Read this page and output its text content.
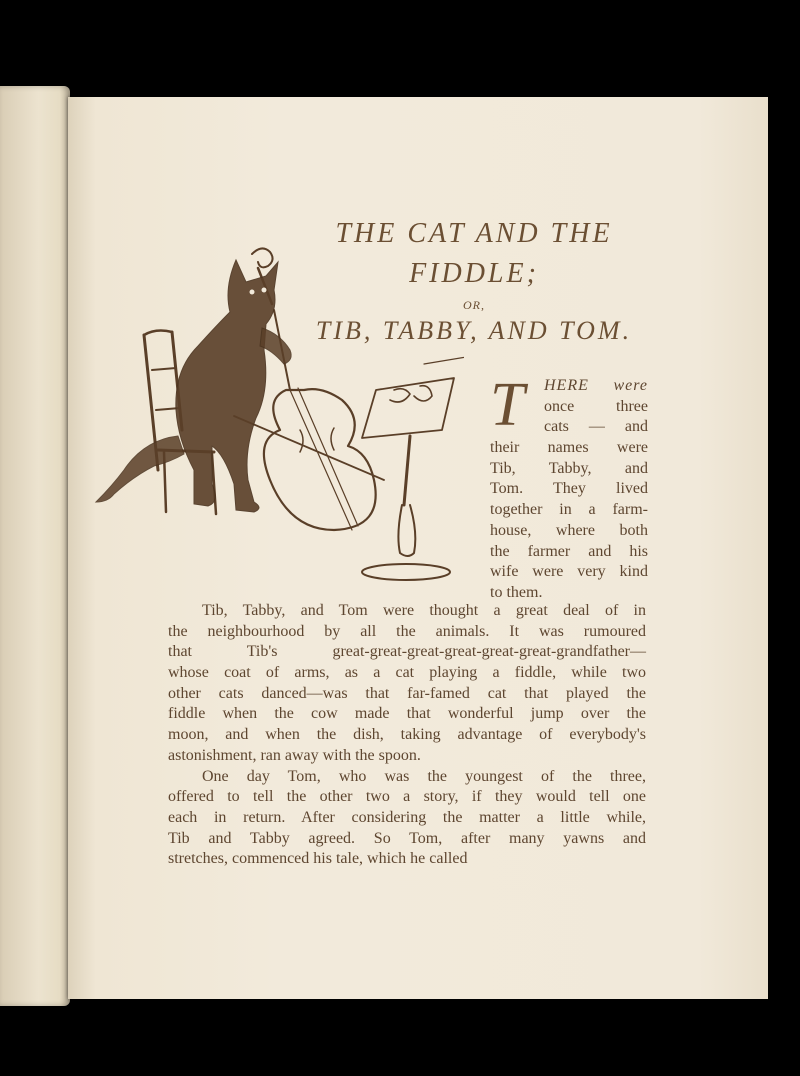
THE CAT AND THE
FIDDLE;
OR,
TIB, TABBY, AND TOM.
T	HERE were
once three
cats — and
their names were
Tib, Tabby, and
Tom. They lived
together in a farm-
house, where both
the farmer and his
wife were very kind
to them.
Tib, Tabby, and Tom were thought a great deal of in
the neighbourhood by all the animals. It was rumoured
that Tib's great-great-great-great-great-great-grandfather—
whose coat of arms, as a cat playing a fiddle, while two
other cats danced—was that far-famed cat that played the
fiddle when the cow made that wonderful jump over the
moon, and when the dish, taking advantage of everybody's
astonishment, ran away with the spoon.
One day Tom, who was the youngest of the three,
offered to tell the other two a story, if they would tell one
each in return. After considering the matter a little while,
Tib and Tabby agreed. So Tom, after many yawns and
stretches, commenced his tale, which he called
